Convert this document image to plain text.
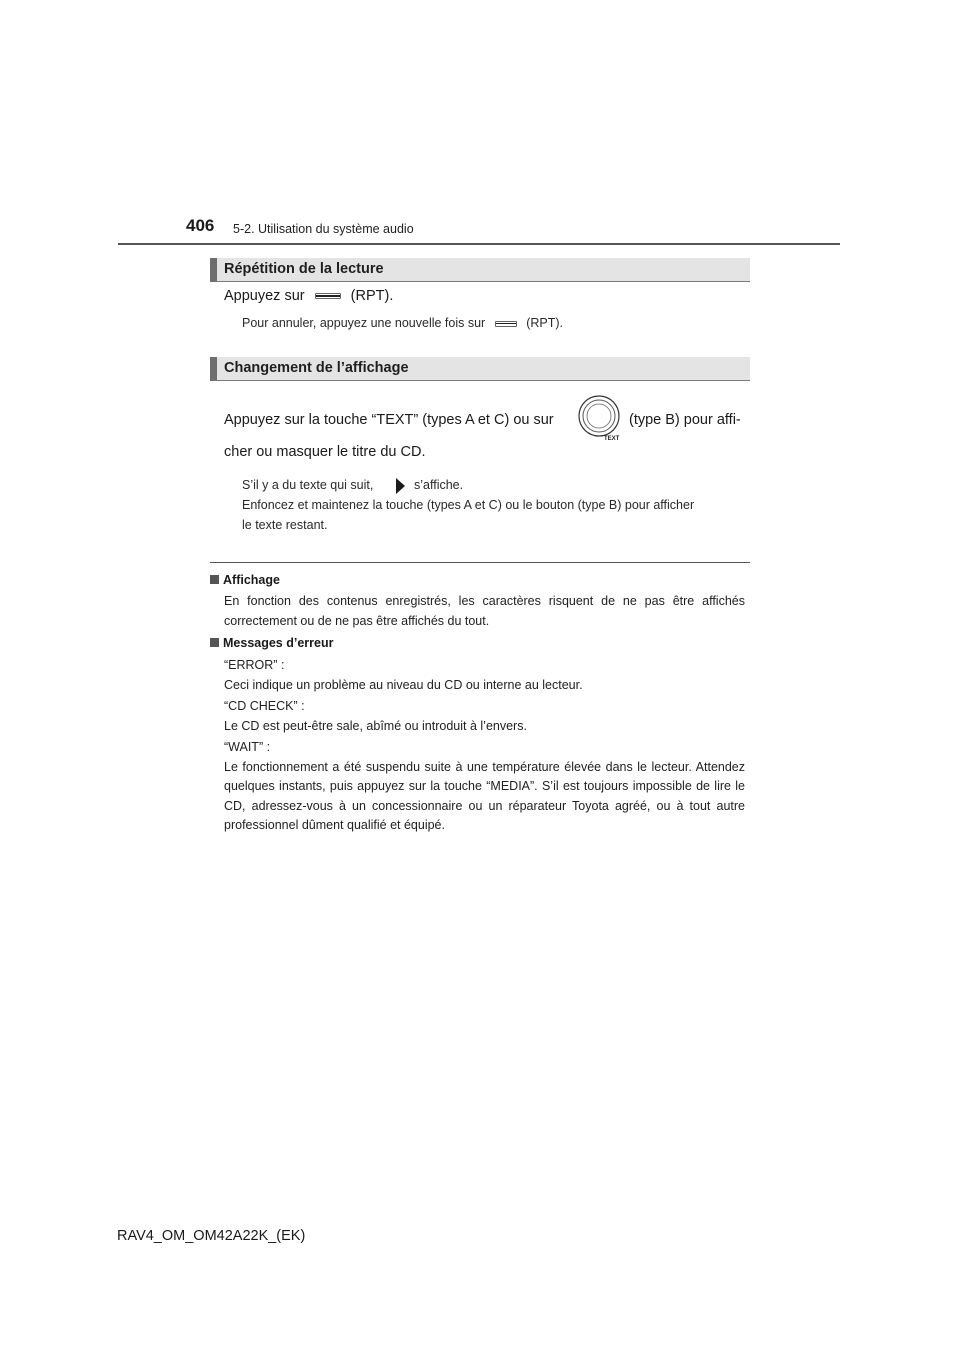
406 5-2. Utilisation du système audio
Répétition de la lecture
Appuyez sur	(RPT).
Pour annuler, appuyez une nouvelle fois sur	(RPT).
Changement de l’affichage
Appuyez sur la touche “TEXT” (types A et C) ou sur
TEXT
(type B) pour affi-
cher ou masquer le titre du CD.
S’il y a du texte qui suit,	s’affiche.
Enfoncez et maintenez la touche (types A et C) ou le bouton (type B) pour afficher
le texte restant.
Affichage
En fonction des contenus enregistrés, les caractères risquent de ne pas être affichés correctement ou de ne pas être affichés du tout.
Messages d’erreur
“ERROR” :
Ceci indique un problème au niveau du CD ou interne au lecteur.
“CD CHECK” :
Le CD est peut-être sale, abîmé ou introduit à l’envers.
“WAIT” :
Le fonctionnement a été suspendu suite à une température élevée dans le lecteur. Attendez quelques instants, puis appuyez sur la touche “MEDIA”. S’il est toujours impossible de lire le CD, adressez-vous à un concessionnaire ou un réparateur Toyota agréé, ou à tout autre professionnel dûment qualifié et équipé.
RAV4_OM_OM42A22K_(EK)
